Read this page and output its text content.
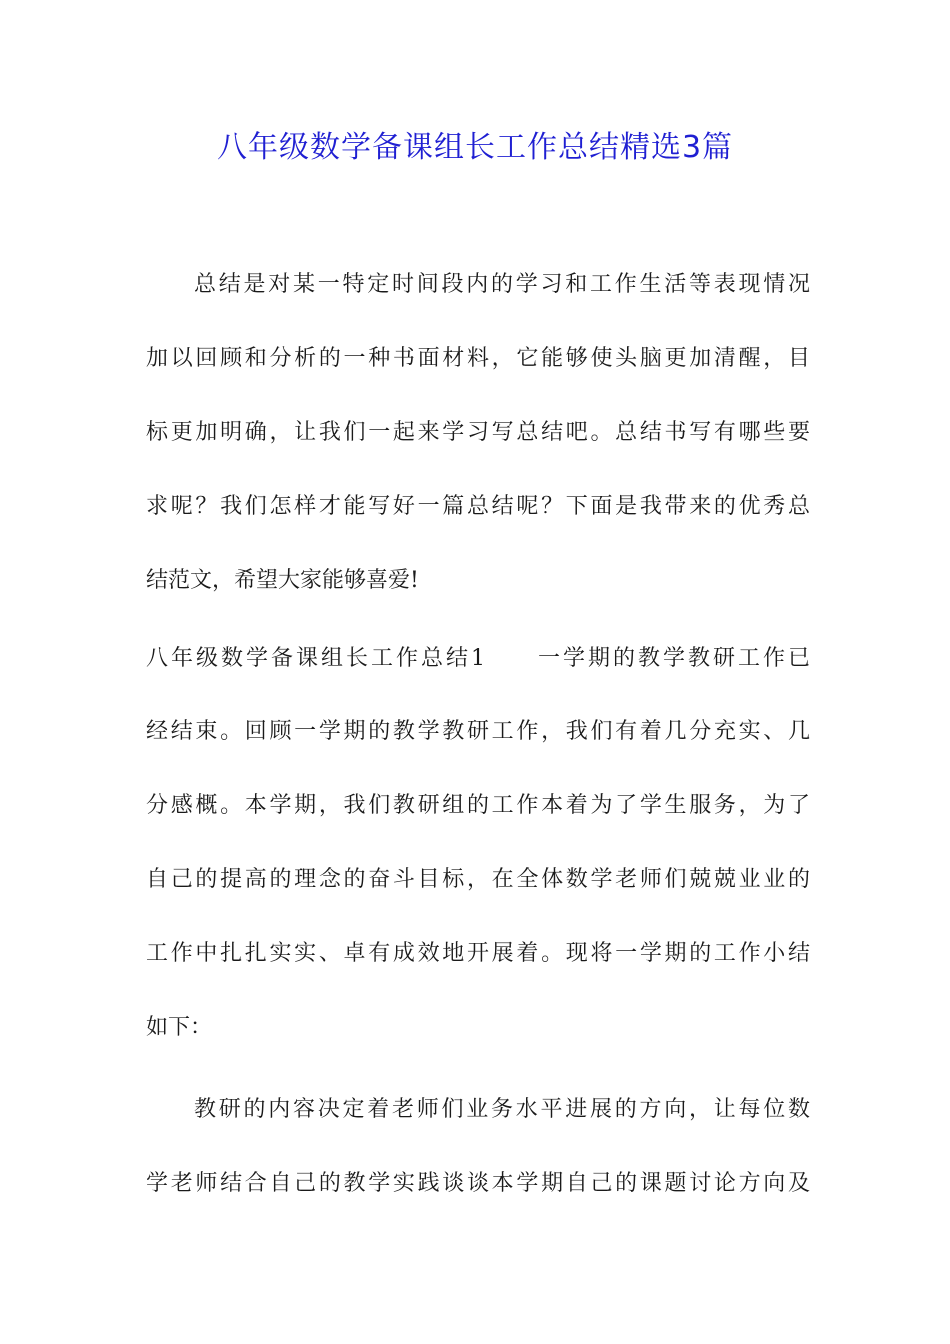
八年级数学备课组长工作总结精选3篇
总结是对某一特定时间段内的学习和工作生活等表现情况
加以回顾和分析的一种书面材料，它能够使头脑更加清醒，目
标更加明确，让我们一起来学习写总结吧。总结书写有哪些要
求呢？我们怎样才能写好一篇总结呢？下面是我带来的优秀总
结范文，希望大家能够喜爱!
八年级数学备课组长工作总结1　　一学期的教学教研工作已
经结束。回顾一学期的教学教研工作，我们有着几分充实、几
分感概。本学期，我们教研组的工作本着为了学生服务，为了
自己的提高的理念的奋斗目标，在全体数学老师们兢兢业业的
工作中扎扎实实、卓有成效地开展着。现将一学期的工作小结
如下：
教研的内容决定着老师们业务水平进展的方向，让每位数
学老师结合自己的教学实践谈谈本学期自己的课题讨论方向及
